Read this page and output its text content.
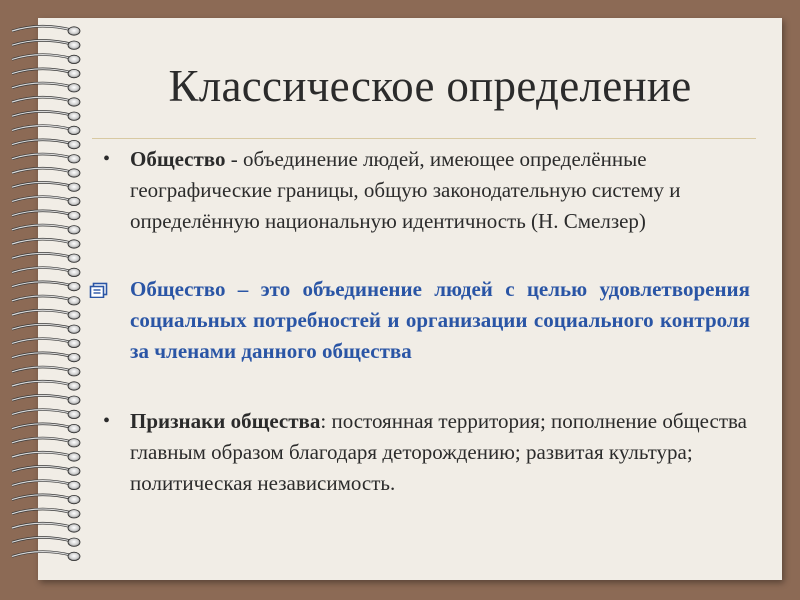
Классическое определение
• Общество - объединение людей, имеющее определённые географические границы, общую законодательную систему и определённую национальную идентичность (Н. Смелзер)
Общество – это объединение людей с целью удовлетворения социальных потребностей и организации социального контроля за членами данного общества
• Признаки общества: постоянная территория; пополнение общества главным образом благодаря деторождению; развитая культура; политическая независимость.
